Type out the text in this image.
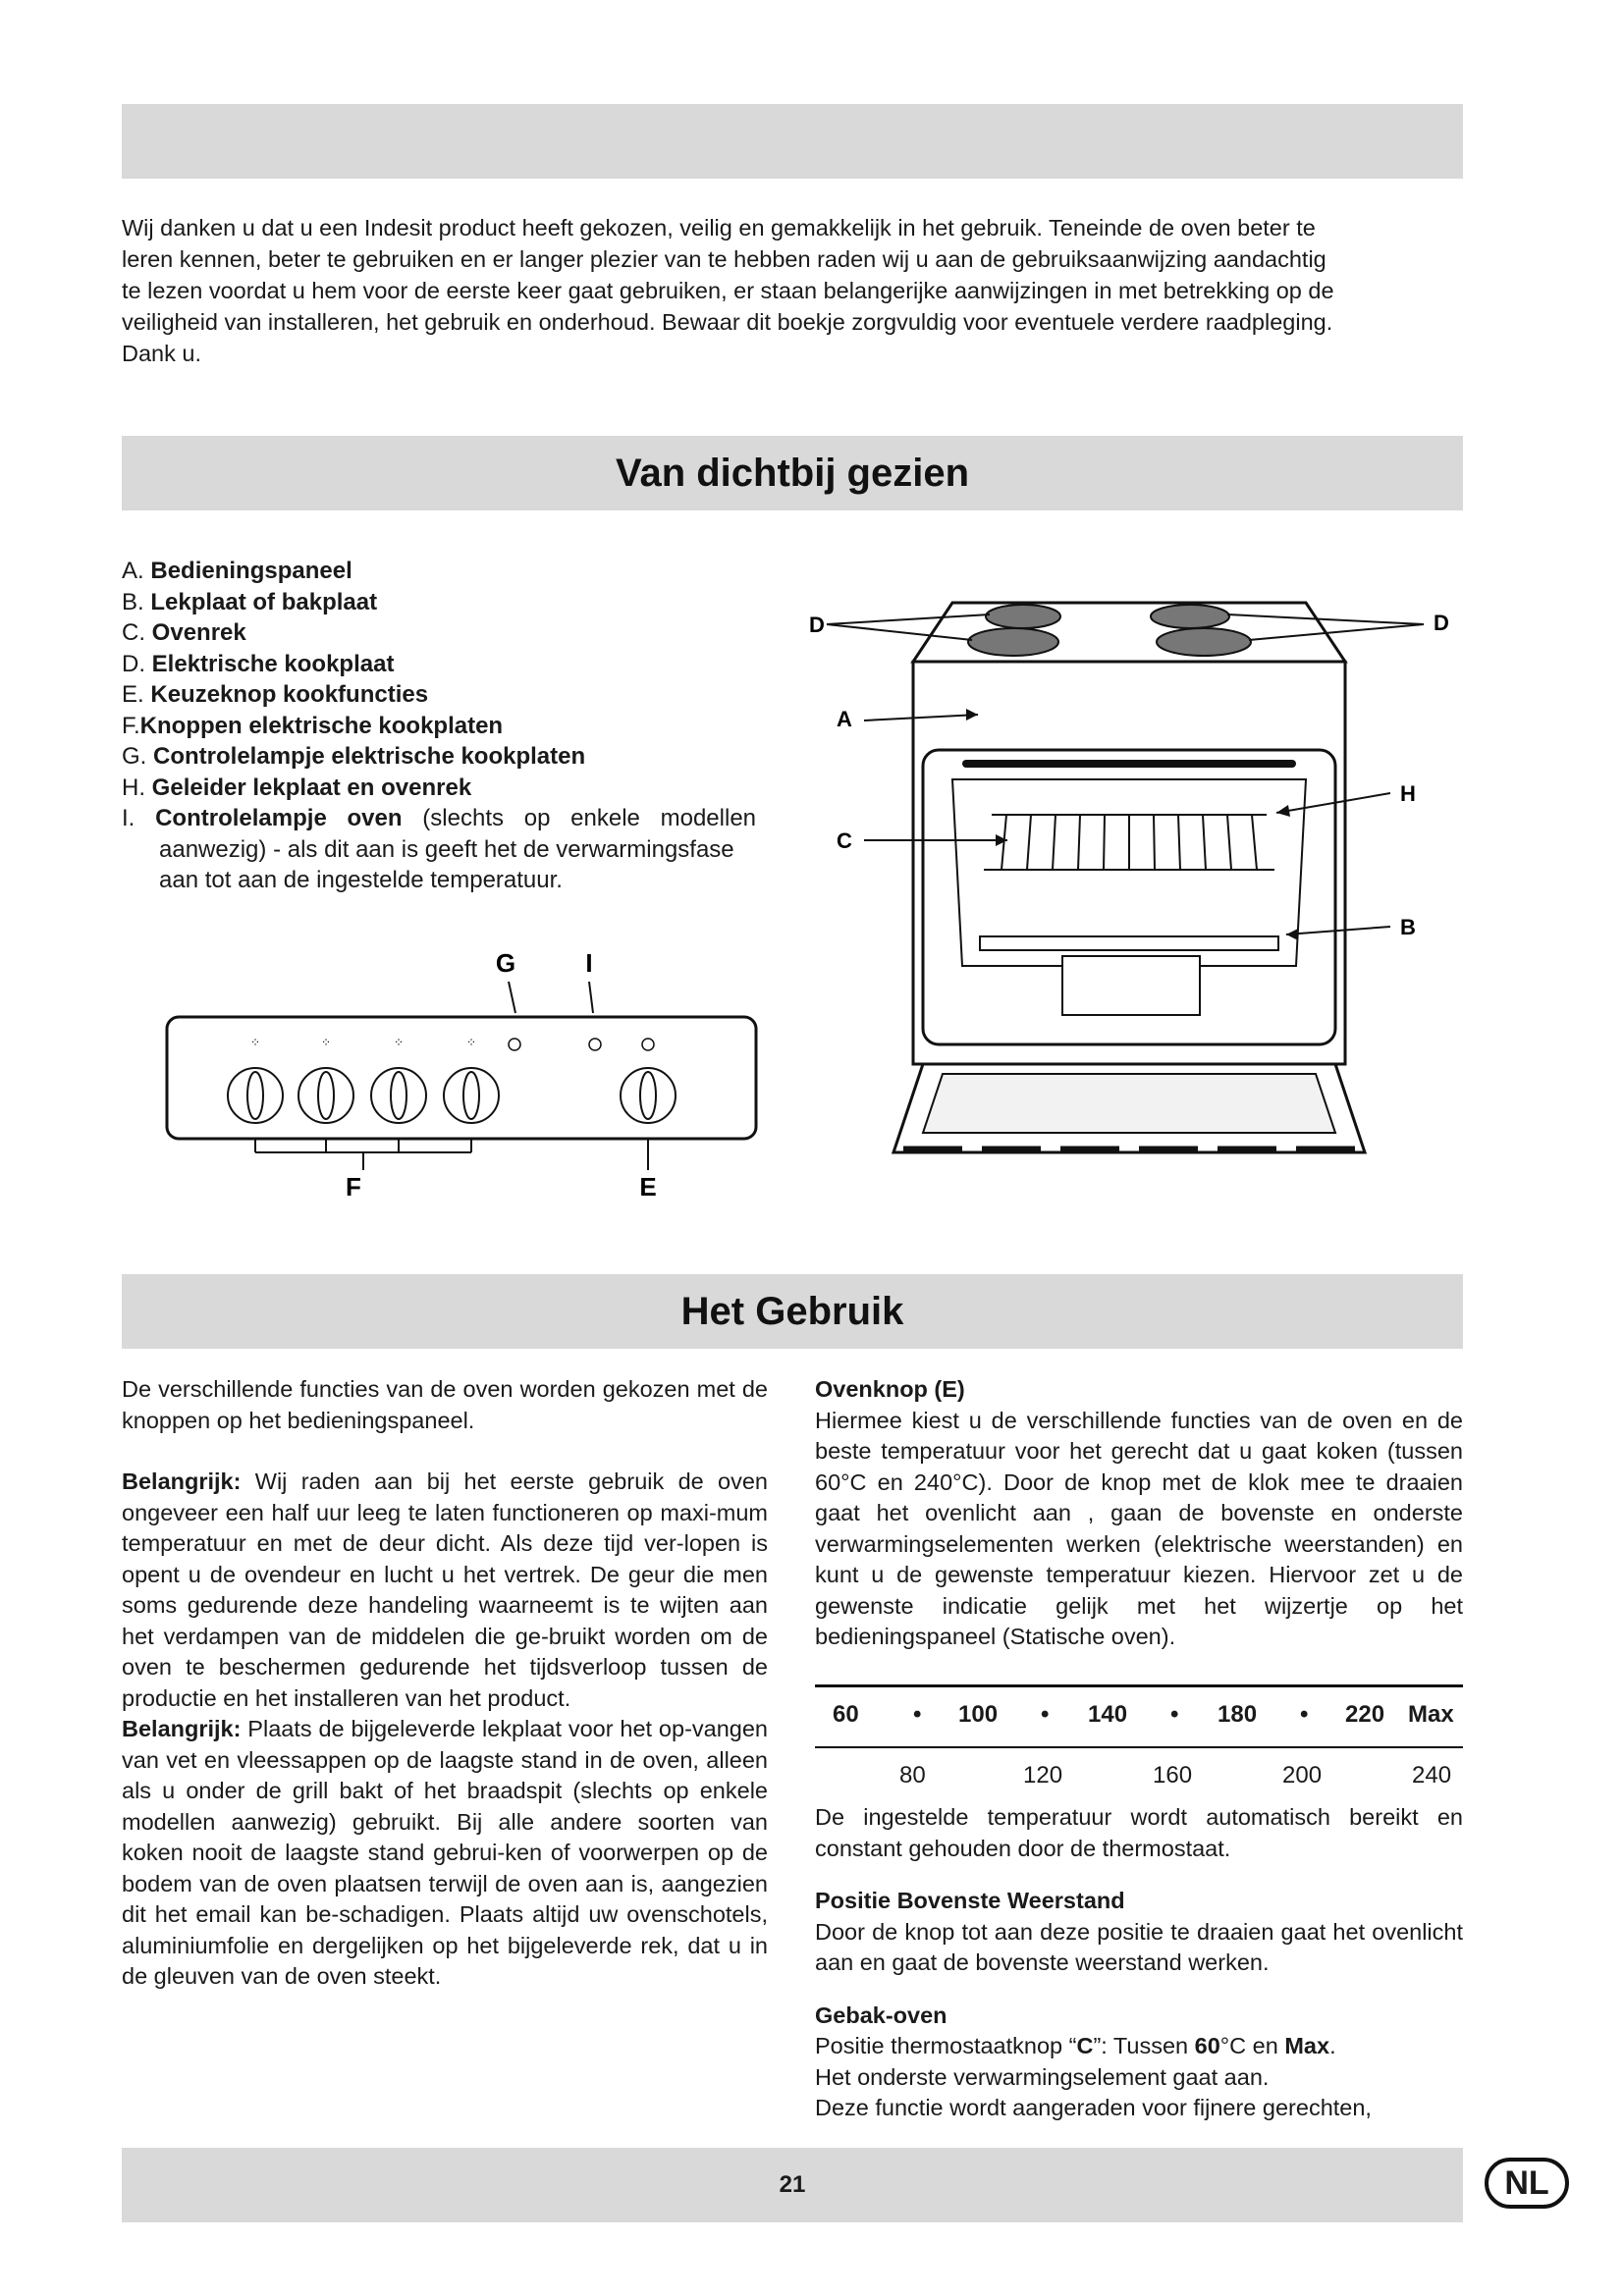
Wij danken u dat u een Indesit product heeft gekozen, veilig en gemakkelijk in het gebruik. Teneinde de oven beter te
leren kennen, beter te gebruiken en er langer plezier van te hebben raden wij u aan de gebruiksaanwijzing aandachtig
te lezen voordat u hem voor de eerste keer gaat gebruiken, er staan belangerijke aanwijzingen in met betrekking op de
veiligheid van installeren, het gebruik en onderhoud. Bewaar dit boekje zorgvuldig voor eventuele verdere raadpleging.
Dank u.
Van dichtbij gezien
A. Bedieningspaneel
B. Lekplaat of bakplaat
C. Ovenrek
D. Elektrische kookplaat
E. Keuzeknop kookfuncties
F.Knoppen elektrische kookplaten
G. Controlelampje elektrische kookplaten
H. Geleider lekplaat en ovenrek
I. Controlelampje oven (slechts op enkele modellen
aanwezig) - als dit aan is geeft het de verwarmingsfase
aan tot aan de ingestelde temperatuur.
G	I
⁘	⁘	⁘	⁘
F	E
D	D
A
C
H
B
Het Gebruik

De verschillende functies van de oven worden gekozen met de knoppen op het bedieningspaneel.

Belangrijk: Wij raden aan bij het eerste gebruik de oven ongeveer een half uur leeg te laten functioneren op maxi-mum temperatuur en met de deur dicht. Als deze tijd ver-lopen is opent u de ovendeur en lucht u het vertrek. De geur die men soms gedurende deze handeling waarneemt is te wijten aan het verdampen van de middelen die ge-bruikt worden om de oven te beschermen gedurende het tijdsverloop tussen de productie en het installeren van het product.

Belangrijk: Plaats de bijgeleverde lekplaat voor het op-vangen van vet en vleessappen op de laagste stand in de oven, alleen als u onder de grill bakt of het braadspit (slechts op enkele modellen aanwezig) gebruikt. Bij alle andere soorten van koken nooit de laagste stand gebrui-ken of voorwerpen op de bodem van de oven plaatsen terwijl de oven aan is, aangezien dit het email kan be-schadigen. Plaats altijd uw ovenschotels, aluminiumfolie en dergelijken op het bijgeleverde rek, dat u in de gleuven van de oven steekt.

Ovenknop (E)

Hiermee kiest u de verschillende functies van de oven en de beste temperatuur voor het gerecht dat u gaat koken (tussen 60°C en 240°C). Door de knop met de klok mee te draaien gaat het ovenlicht aan , gaan de bovenste en onderste verwarmingselementen werken (elektrische weerstanden) en kunt u de gewenste temperatuur kiezen. Hiervoor zet u de gewenste indicatie gelijk met het wijzertje op het bedieningspaneel (Statische oven).

60 • 100 • 140 • 180 • 220 Max
80	120	160	200	240

De ingestelde temperatuur wordt automatisch bereikt en constant gehouden door de thermostaat.

Positie Bovenste Weerstand

Door de knop tot aan deze positie te draaien gaat het ovenlicht aan en gaat de bovenste weerstand werken.

Gebak-oven

Positie thermostaatknop “C”: Tussen 60°C en Max.

Het onderste verwarmingselement gaat aan.

Deze functie wordt aangeraden voor fijnere gerechten,

21	NL
